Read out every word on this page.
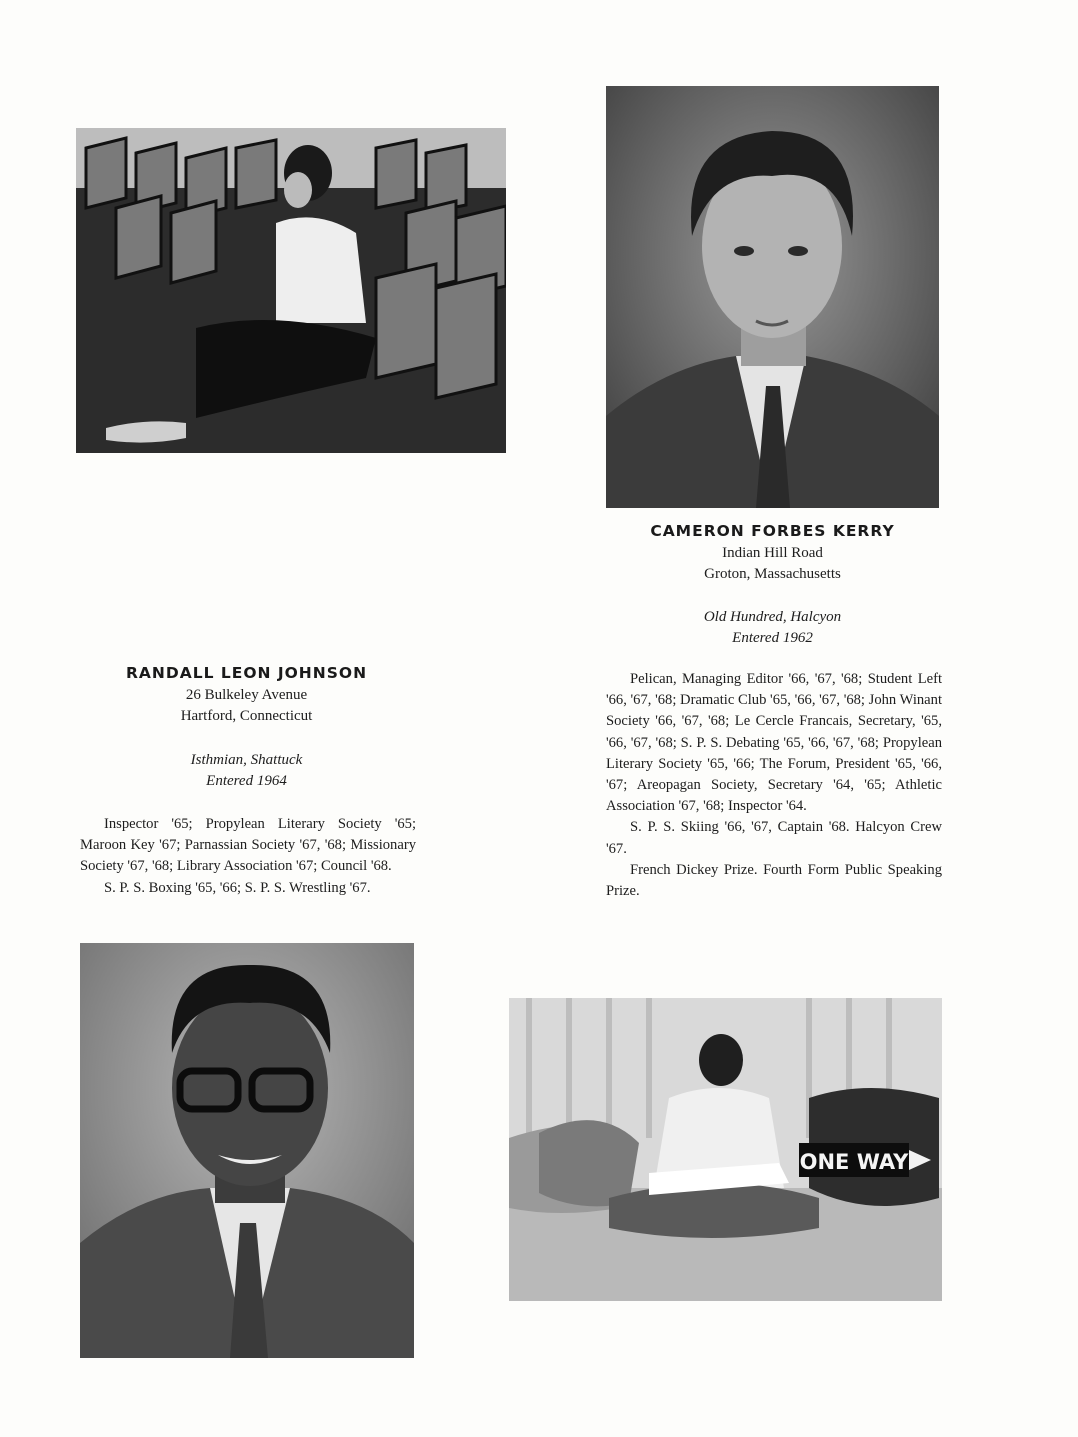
CAMERON FORBES KERRY
Indian Hill Road
Groton, Massachusetts
Old Hundred, Halcyon
Entered 1962

Pelican, Managing Editor '66, '67, '68; Student Left '66, '67, '68; Dramatic Club '65, '66, '67, '68; John Winant Society '66, '67, '68; Le Cercle Francais, Secretary, '65, '66, '67, '68; S. P. S. Debating '65, '66, '67, '68; Propylean Literary Society '65, '66; The Forum, President '65, '66, '67; Areopagan Society, Secretary '64, '65; Athletic Association '67, '68; Inspector '64.

S. P. S. Skiing '66, '67, Captain '68. Halcyon Crew '67.

French Dickey Prize. Fourth Form Public Speaking Prize.

RANDALL LEON JOHNSON
26 Bulkeley Avenue
Hartford, Connecticut
Isthmian, Shattuck
Entered 1964

Inspector '65; Propylean Literary Society '65; Maroon Key '67; Parnassian Society '67, '68; Missionary Society '67, '68; Library Association '67; Council '68.

S. P. S. Boxing '65, '66; S. P. S. Wrestling '67.

ONE WAY
